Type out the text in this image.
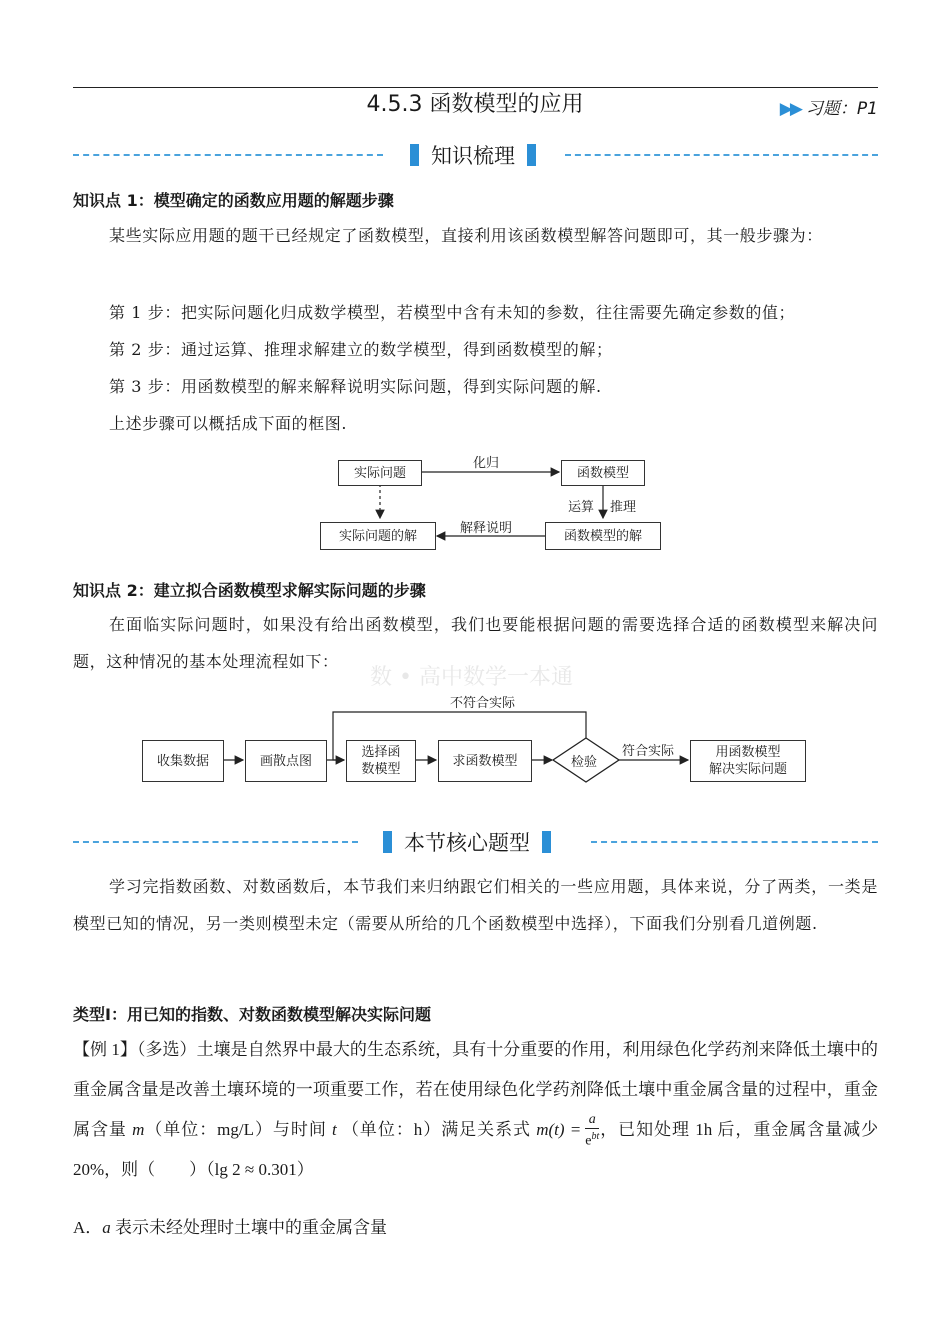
4.5.3 函数模型的应用	▶▶ 习题：P1
知识梳理
知识点 1：模型确定的函数应用题的解题步骤
某些实际应用题的题干已经规定了函数模型，直接利用该函数模型解答问题即可，其一般步骤为：
第 1 步：把实际问题化归成数学模型，若模型中含有未知的参数，往往需要先确定参数的值；
第 2 步：通过运算、推理求解建立的数学模型，得到函数模型的解；
第 3 步：用函数模型的解来解释说明实际问题，得到实际问题的解.
上述步骤可以概括成下面的框图.
实际问题	函数模型
实际问题的解	函数模型的解
化归
运算 推理
解释说明
知识点 2：建立拟合函数模型求解实际问题的步骤
在面临实际问题时，如果没有给出函数模型，我们也要能根据问题的需要选择合适的函数模型来解决问题，这种情况的基本处理流程如下：
数 • 高中数学一本通
收集数据	画散点图
选择函
数模型
求函数模型	检验
用函数模型
解决实际问题
不符合实际
符合实际
本节核心题型
学习完指数函数、对数函数后，本节我们来归纳跟它们相关的一些应用题，具体来说，分了两类，一类是模型已知的情况，另一类则模型未定（需要从所给的几个函数模型中选择），下面我们分别看几道例题.
类型Ⅰ：用已知的指数、对数函数模型解决实际问题
【例 1】（多选）土壤是自然界中最大的生态系统，具有十分重要的作用，利用绿色化学药剂来降低土壤中的重金属含量是改善土壤环境的一项重要工作，若在使用绿色化学药剂降低土壤中重金属含量的过程中，重金属含量 m（单位：mg/L）与时间 t （单位：h）满足关系式 $m(t) = \frac{a}{e^{bt}}$ ，已知处理 1h 后，重金属含量减少 20%，则（　　）（lg 2 ≈ 0.301）
A．a 表示未经处理时土壤中的重金属含量
